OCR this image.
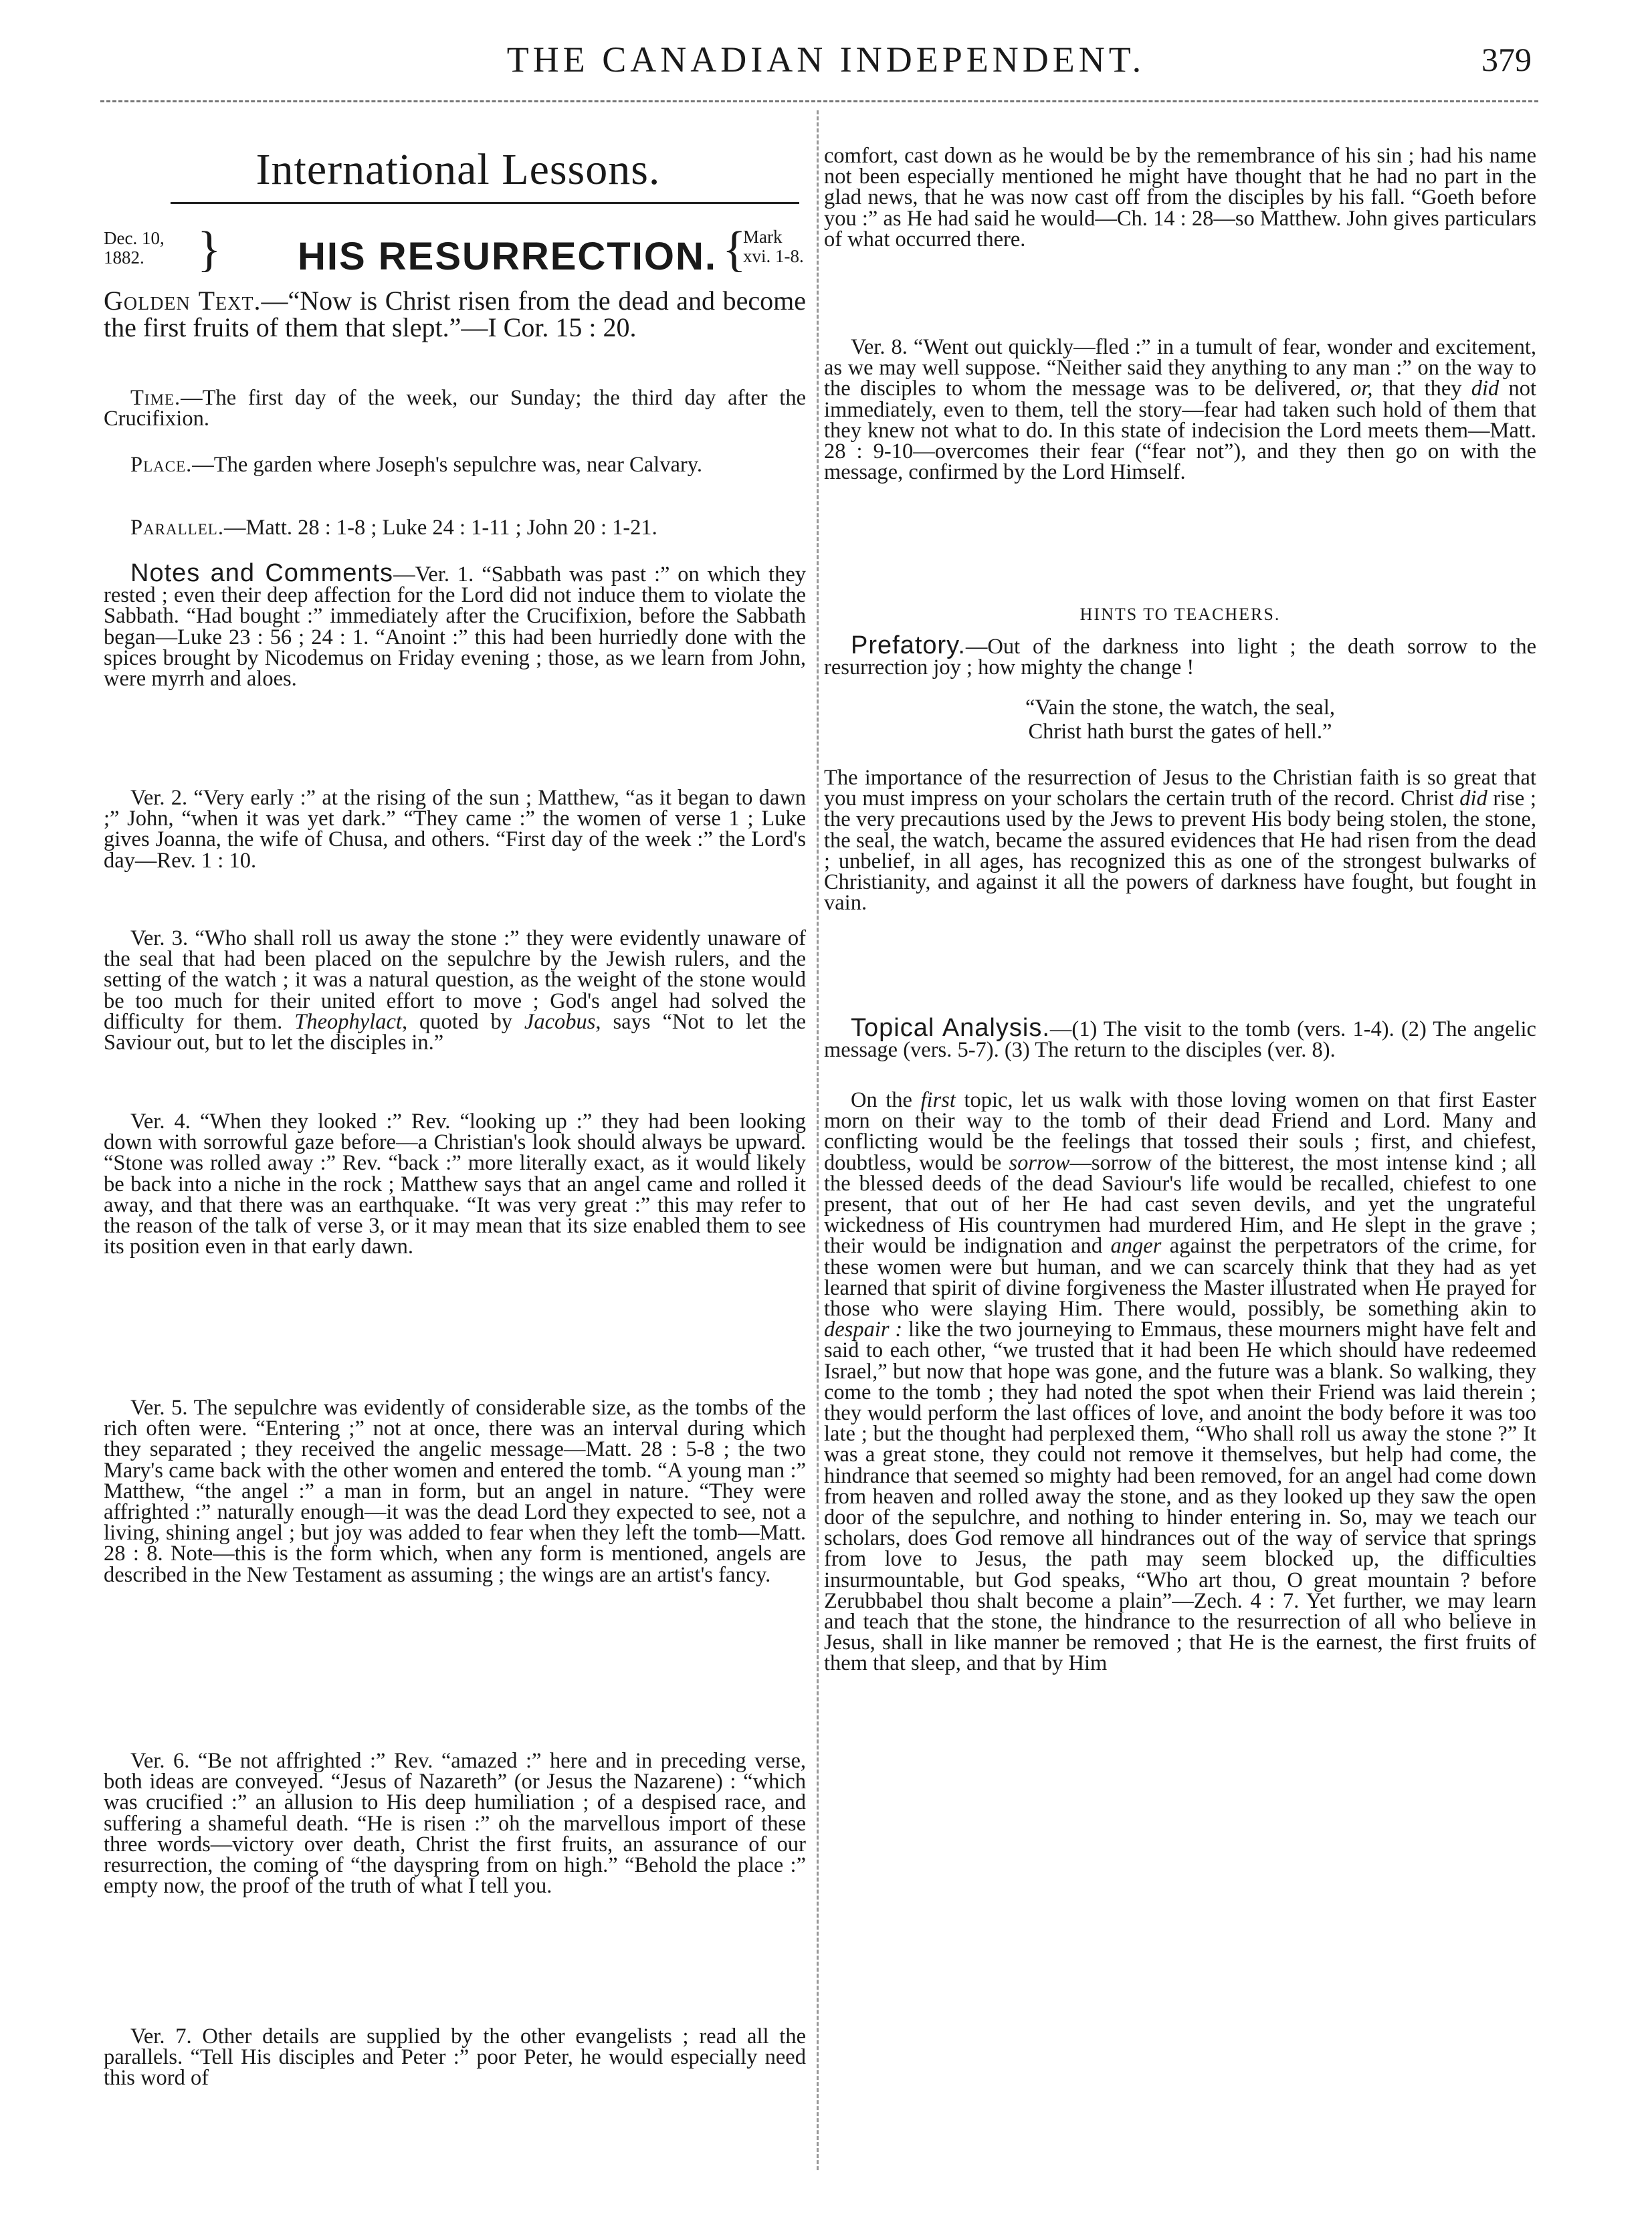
THE CANADIAN INDEPENDENT.	379
International Lessons.
Dec. 10, 1882.	} HIS RESURRECTION. {
Mark xvi. 1-8.

Golden Text.—“Now is Christ risen from the dead and become the first fruits of them that slept.”—I Cor. 15 : 20.

Time.—The first day of the week, our Sunday; the third day after the Crucifixion.

Place.—The garden where Joseph's sepulchre was, near Calvary.

Parallel.—Matt. 28 : 1-8 ; Luke 24 : 1-11 ; John 20 : 1-21.

Notes and Comments—Ver. 1. “Sabbath was past :” on which they rested ; even their deep affection for the Lord did not induce them to violate the Sabbath. “Had bought :” immediately after the Crucifixion, before the Sabbath began—Luke 23 : 56 ; 24 : 1. “Anoint :” this had been hurriedly done with the spices brought by Nicodemus on Friday evening ; those, as we learn from John, were myrrh and aloes.

Ver. 2. “Very early :” at the rising of the sun ; Matthew, “as it began to dawn ;” John, “when it was yet dark.” “They came :” the women of verse 1 ; Luke gives Joanna, the wife of Chusa, and others. “First day of the week :” the Lord's day—Rev. 1 : 10.

Ver. 3. “Who shall roll us away the stone :” they were evidently unaware of the seal that had been placed on the sepulchre by the Jewish rulers, and the setting of the watch ; it was a natural question, as the weight of the stone would be too much for their united effort to move ; God's angel had solved the difficulty for them. Theophylact, quoted by Jacobus, says “Not to let the Saviour out, but to let the disciples in.”

Ver. 4. “When they looked :” Rev. “looking up :” they had been looking down with sorrowful gaze before—a Christian's look should always be upward. “Stone was rolled away :” Rev. “back :” more literally exact, as it would likely be back into a niche in the rock ; Matthew says that an angel came and rolled it away, and that there was an earthquake. “It was very great :” this may refer to the reason of the talk of verse 3, or it may mean that its size enabled them to see its position even in that early dawn.

Ver. 5. The sepulchre was evidently of considerable size, as the tombs of the rich often were. “Entering ;” not at once, there was an interval during which they separated ; they received the angelic message—Matt. 28 : 5-8 ; the two Mary's came back with the other women and entered the tomb. “A young man :” Matthew, “the angel :” a man in form, but an angel in nature. “They were affrighted :” naturally enough—it was the dead Lord they expected to see, not a living, shining angel ; but joy was added to fear when they left the tomb—Matt. 28 : 8. Note—this is the form which, when any form is mentioned, angels are described in the New Testament as assuming ; the wings are an artist's fancy.

Ver. 6. “Be not affrighted :” Rev. “amazed :” here and in preceding verse, both ideas are conveyed. “Jesus of Nazareth” (or Jesus the Nazarene) : “which was crucified :” an allusion to His deep humiliation ; of a despised race, and suffering a shameful death. “He is risen :” oh the marvellous import of these three words—victory over death, Christ the first fruits, an assurance of our resurrection, the coming of “the dayspring from on high.” “Behold the place :” empty now, the proof of the truth of what I tell you.

Ver. 7. Other details are supplied by the other evangelists ; read all the parallels. “Tell His disciples and Peter :” poor Peter, he would especially need this word of

comfort, cast down as he would be by the remembrance of his sin ; had his name not been especially mentioned he might have thought that he had no part in the glad news, that he was now cast off from the disciples by his fall. “Goeth before you :” as He had said he would—Ch. 14 : 28—so Matthew. John gives particulars of what occurred there.

Ver. 8. “Went out quickly—fled :” in a tumult of fear, wonder and excitement, as we may well suppose. “Neither said they anything to any man :” on the way to the disciples to whom the message was to be delivered, or, that they did not immediately, even to them, tell the story—fear had taken such hold of them that they knew not what to do. In this state of indecision the Lord meets them—Matt. 28 : 9-10—overcomes their fear (“fear not”), and they then go on with the message, confirmed by the Lord Himself.

HINTS TO TEACHERS.

Prefatory.—Out of the darkness into light ; the death sorrow to the resurrection joy ; how mighty the change !

“Vain the stone, the watch, the seal,
Christ hath burst the gates of hell.”

The importance of the resurrection of Jesus to the Christian faith is so great that you must impress on your scholars the certain truth of the record. Christ did rise ; the very precautions used by the Jews to prevent His body being stolen, the stone, the seal, the watch, became the assured evidences that He had risen from the dead ; unbelief, in all ages, has recognized this as one of the strongest bulwarks of Christianity, and against it all the powers of darkness have fought, but fought in vain.

Topical Analysis.—(1) The visit to the tomb (vers. 1-4). (2) The angelic message (vers. 5-7). (3) The return to the disciples (ver. 8).

On the first topic, let us walk with those loving women on that first Easter morn on their way to the tomb of their dead Friend and Lord. Many and conflicting would be the feelings that tossed their souls ; first, and chiefest, doubtless, would be sorrow—sorrow of the bitterest, the most intense kind ; all the blessed deeds of the dead Saviour's life would be recalled, chiefest to one present, that out of her He had cast seven devils, and yet the ungrateful wickedness of His countrymen had murdered Him, and He slept in the grave ; their would be indignation and anger against the perpetrators of the crime, for these women were but human, and we can scarcely think that they had as yet learned that spirit of divine forgiveness the Master illustrated when He prayed for those who were slaying Him. There would, possibly, be something akin to despair : like the two journeying to Emmaus, these mourners might have felt and said to each other, “we trusted that it had been He which should have redeemed Israel,” but now that hope was gone, and the future was a blank. So walking, they come to the tomb ; they had noted the spot when their Friend was laid therein ; they would perform the last offices of love, and anoint the body before it was too late ; but the thought had perplexed them, “Who shall roll us away the stone ?” It was a great stone, they could not remove it themselves, but help had come, the hindrance that seemed so mighty had been removed, for an angel had come down from heaven and rolled away the stone, and as they looked up they saw the open door of the sepulchre, and nothing to hinder entering in. So, may we teach our scholars, does God remove all hindrances out of the way of service that springs from love to Jesus, the path may seem blocked up, the difficulties insurmountable, but God speaks, “Who art thou, O great mountain ? before Zerubbabel thou shalt become a plain”—Zech. 4 : 7. Yet further, we may learn and teach that the stone, the hindrance to the resurrection of all who believe in Jesus, shall in like manner be removed ; that He is the earnest, the first fruits of them that sleep, and that by Him
